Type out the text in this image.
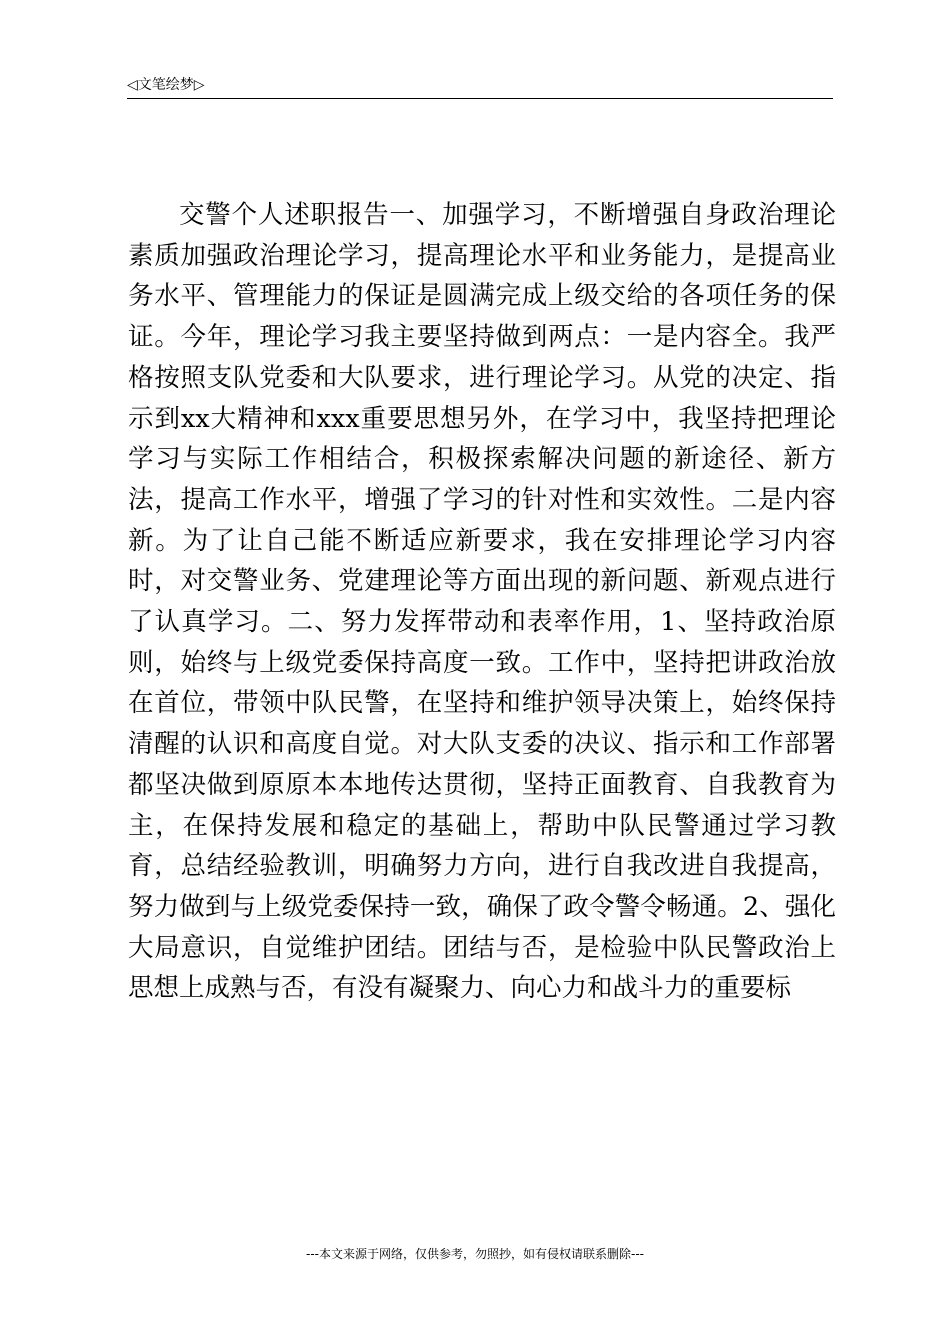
◁文笔绘梦▷

交警个人述职报告一、加强学习，不断增强自身政治理论素质加强政治理论学习，提高理论水平和业务能力，是提高业务水平、管理能力的保证是圆满完成上级交给的各项任务的保证。今年，理论学习我主要坚持做到两点：一是内容全。我严格按照支队党委和大队要求，进行理论学习。从党的决定、指示到xx大精神和xxx重要思想另外，在学习中，我坚持把理论学习与实际工作相结合，积极探索解决问题的新途径、新方法，提高工作水平，增强了学习的针对性和实效性。二是内容新。为了让自己能不断适应新要求，我在安排理论学习内容时，对交警业务、党建理论等方面出现的新问题、新观点进行了认真学习。二、努力发挥带动和表率作用，1、坚持政治原则，始终与上级党委保持高度一致。工作中，坚持把讲政治放在首位，带领中队民警，在坚持和维护领导决策上，始终保持清醒的认识和高度自觉。对大队支委的决议、指示和工作部署都坚决做到原原本本地传达贯彻，坚持正面教育、自我教育为主，在保持发展和稳定的基础上，帮助中队民警通过学习教育，总结经验教训，明确努力方向，进行自我改进自我提高，努力做到与上级党委保持一致，确保了政令警令畅通。2、强化大局意识，自觉维护团结。团结与否，是检验中队民警政治上思想上成熟与否，有没有凝聚力、向心力和战斗力的重要标

---本文来源于网络，仅供参考，勿照抄，如有侵权请联系删除---
